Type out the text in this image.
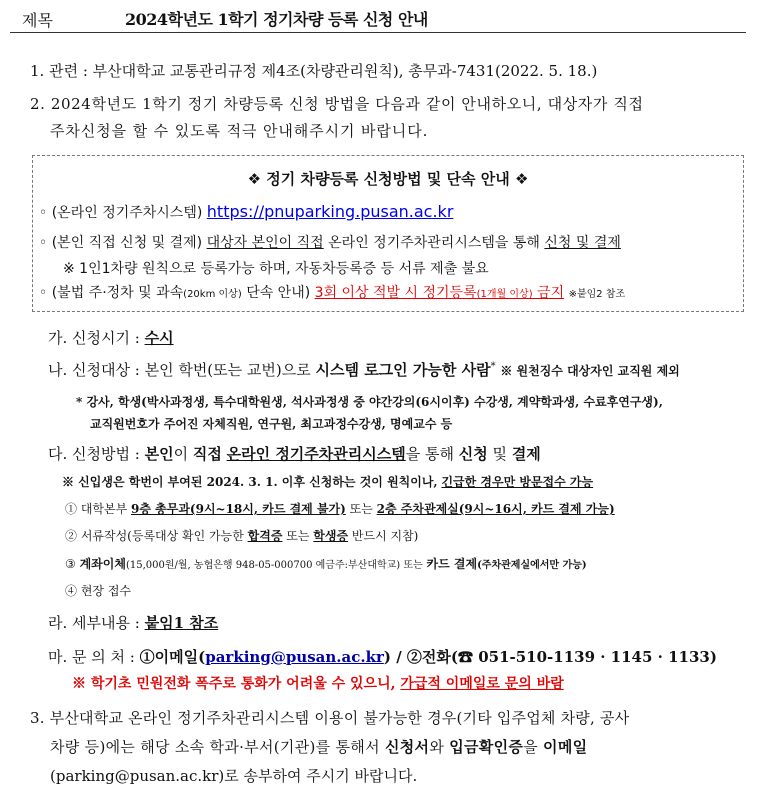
제목	2024학년도 1학기 정기차량 등록 신청 안내
1. 관련 : 부산대학교 교통관리규정 제4조(차량관리원칙), 총무과-7431(2022. 5. 18.)
2. 2024학년도 1학기 정기 차량등록 신청 방법을 다음과 같이 안내하오니, 대상자가 직접
주차신청을 할 수 있도록 적극 안내해주시기 바랍니다.
❖ 정기 차량등록 신청방법 및 단속 안내 ❖
◦ (온라인 정기주차시스템) https://pnuparking.pusan.ac.kr
◦ (본인 직접 신청 및 결제) 대상자 본인이 직접 온라인 정기주차관리시스템을 통해 신청 및 결제
※ 1인1차량 원칙으로 등록가능 하며, 자동차등록증 등 서류 제출 불요
◦ (불법 주·정차 및 과속(20km 이상) 단속 안내) 3회 이상 적발 시 정기등록(1개월 이상) 금지 ※붙임2 참조
가. 신청시기 : 수시
나. 신청대상 : 본인 학번(또는 교번)으로 시스템 로그인 가능한 사람* ※ 원천징수 대상자인 교직원 제외
* 강사, 학생(박사과정생, 특수대학원생, 석사과정생 중 야간강의(6시이후) 수강생, 계약학과생, 수료후연구생),
교직원번호가 주어진 자체직원, 연구원, 최고과정수강생, 명예교수 등
다. 신청방법 : 본인이 직접 온라인 정기주차관리시스템을 통해 신청 및 결제
※ 신입생은 학번이 부여된 2024. 3. 1. 이후 신청하는 것이 원칙이나, 긴급한 경우만 방문접수 가능
① 대학본부 9층 총무과(9시~18시, 카드 결제 불가) 또는 2층 주차관제실(9시~16시, 카드 결제 가능)
② 서류작성(등록대상 확인 가능한 합격증 또는 학생증 반드시 지참)
③ 계좌이체(15,000원/월, 농협은행 948-05-000700 예금주:부산대학교) 또는 카드 결제(주차관제실에서만 가능)
④ 현장 접수
라. 세부내용 : 붙임1 참조
마. 문 의 처 : ①이메일(parking@pusan.ac.kr) / ②전화(☎ 051-510-1139 · 1145 · 1133)
※ 학기초 민원전화 폭주로 통화가 어려울 수 있으니, 가급적 이메일로 문의 바람
3. 부산대학교 온라인 정기주차관리시스템 이용이 불가능한 경우(기타 입주업체 차량, 공사
차량 등)에는 해당 소속 학과·부서(기관)를 통해서 신청서와 입금확인증을 이메일
(parking@pusan.ac.kr)로 송부하여 주시기 바랍니다.
